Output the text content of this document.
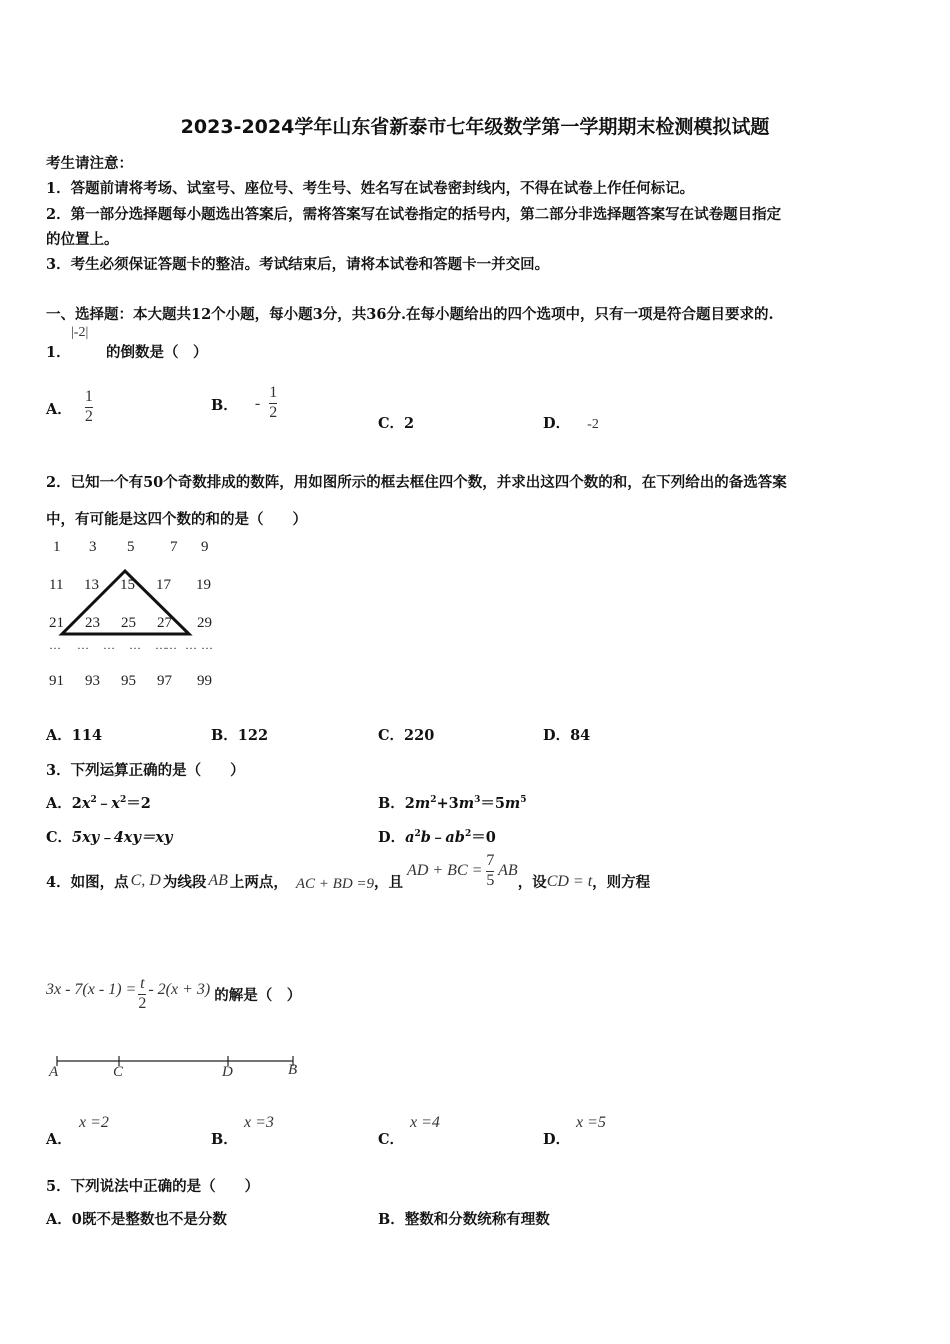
2023-2024学年山东省新泰市七年级数学第一学期期末检测模拟试题
考生请注意：
1．答题前请将考场、试室号、座位号、考生号、姓名写在试卷密封线内，不得在试卷上作任何标记。
2．第一部分选择题每小题选出答案后，需将答案写在试卷指定的括号内，第二部分非选择题答案写在试卷题目指定
的位置上。
3．考生必须保证答题卡的整洁。考试结束后，请将本试卷和答题卡一并交回。
一、选择题：本大题共12个小题，每小题3分，共36分.在每小题给出的四个选项中，只有一项是符合题目要求的.
1．
|-2|
的倒数是（　）
A． $\frac{1}{2}$	B． - $\frac{1}{2}$
C．2	D． -2
2．已知一个有50个奇数排成的数阵，用如图所示的框去框住四个数，并求出这四个数的和，在下列给出的备选答案
中，有可能是这四个数的和的是（　　）
1 3 5 7 9
11 13 15 17 19
21 23 25 27 29
… … … … …
… … …
91 93 95 97 99
A．114	B．122	C．220	D．84
3．下列运算正确的是（　　）
A．$2x^2﹣x^2=2$	B．$2m^2+3m^3=5m^5$
C．5xy﹣4xy＝xy	D．$a^2b﹣ab^2=0$
4．如图，点 C, D 为线段 AB 上两点， AC + BD =9 ，且
AD + BC = $\frac{7}{5}$ AB
，设 CD = t ，则方程
$3x - 7(x - 1) = \frac{t}{2} - 2(x + 3)$ 的解是（　）
A	C	D	B
A．
x =2
B．
x =3
C．
x =4
D．
x =5
5．下列说法中正确的是（　　）
A．0既不是整数也不是分数	B．整数和分数统称有理数
